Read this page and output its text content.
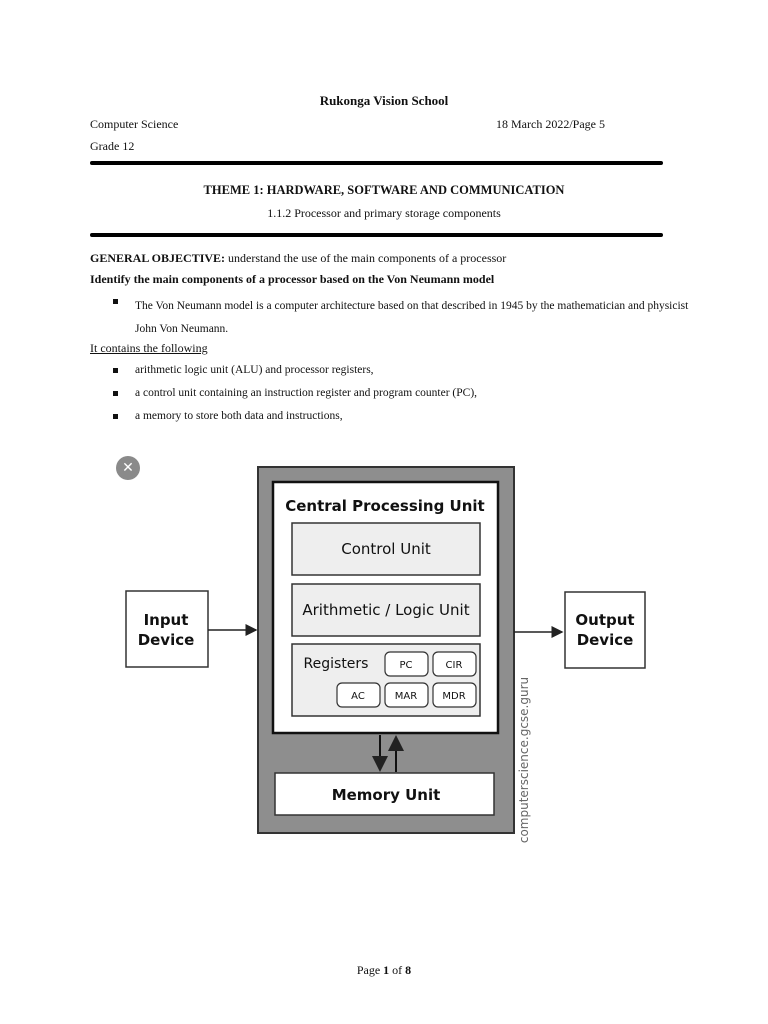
Rukonga Vision School
Computer Science	18 March 2022/Page 5
Grade 12
THEME 1: HARDWARE, SOFTWARE AND COMMUNICATION
1.1.2 Processor and primary storage components
GENERAL OBJECTIVE: understand the use of the main components of a processor
Identify the main components of a processor based on the Von Neumann model
The Von Neumann model is a computer architecture based on that described in 1945 by the mathematician and physicist John Von Neumann.
It contains the following
arithmetic logic unit (ALU) and processor registers,
a control unit containing an instruction register and program counter (PC),
a memory to store both data and instructions,
✕
Central Processing Unit
Control Unit
Arithmetic / Logic Unit
Registers	PC	CIR
AC	MAR	MDR
Input
Device
Output
Device
Memory Unit	computerscience.gcse.guru
Page 1 of 8
